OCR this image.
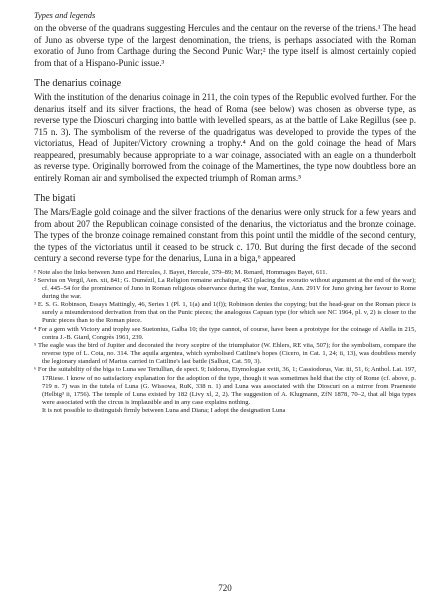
Types and legends

on the obverse of the quadrans suggesting Hercules and the centaur on the reverse of the triens.¹ The head of Juno as obverse type of the largest denomination, the triens, is perhaps associated with the Roman exoratio of Juno from Carthage during the Second Punic War;² the type itself is almost certainly copied from that of a Hispano-Punic issue.³

The denarius coinage

With the institution of the denarius coinage in 211, the coin types of the Republic evolved further. For the denarius itself and its silver fractions, the head of Roma (see below) was chosen as obverse type, as reverse type the Dioscuri charging into battle with levelled spears, as at the battle of Lake Regillus (see p. 715 n. 3). The symbolism of the reverse of the quadrigatus was developed to provide the types of the victoriatus, Head of Jupiter/Victory crowning a trophy.⁴ And on the gold coinage the head of Mars reappeared, presumably because appropriate to a war coinage, associated with an eagle on a thunderbolt as reverse type. Originally borrowed from the coinage of the Mamertines, the type now doubtless bore an entirely Roman air and symbolised the expected triumph of Roman arms.⁵

The bigati

The Mars/Eagle gold coinage and the silver fractions of the denarius were only struck for a few years and from about 207 the Republican coinage consisted of the denarius, the victoriatus and the bronze coinage. The types of the bronze coinage remained constant from this point until the middle of the second century, the types of the victoriatus until it ceased to be struck c. 170. But during the first decade of the second century a second reverse type for the denarius, Luna in a biga,⁶ appeared

¹ Note also the links between Juno and Hercules, J. Bayet, Hercule, 379–89; M. Renard, Hommages Bayet, 611.

² Servius on Vergil, Aen. xii, 841; G. Dumézil, La Religion romaine archaïque, 453 (placing the exoratio without argument at the end of the war); cf. 445–54 for the prominence of Juno in Roman religious observance during the war, Ennius, Ann. 291V for Juno giving her favour to Rome during the war.

³ E. S. G. Robinson, Essays Mattingly, 46, Series 1 (Pl. 1, 1(a) and 1(f)); Robinson denies the copying; but the head-gear on the Roman piece is surely a misunderstood derivation from that on the Punic pieces; the analogous Capuan type (for which see NC 1964, pl. v, 2) is closer to the Punic pieces than to the Roman piece.

⁴ For a gem with Victory and trophy see Suetonius, Galba 10; the type cannot, of course, have been a prototype for the coinage of Atella in 215, contra J.-B. Giard, Congrès 1961, 239.

⁵ The eagle was the bird of Jupiter and decorated the ivory sceptre of the triumphator (W. Ehlers, RE viia, 507); for the symbolism, compare the reverse type of L. Cota, no. 314. The aquila argentea, which symbolised Catiline's hopes (Cicero, in Cat. 1, 24; ii, 13), was doubtless merely the legionary standard of Marius carried in Catiline's last battle (Sallust, Cat. 59, 3).

⁶ For the suitability of the biga to Luna see Tertullian, de spect. 9; Isidorus, Etymologiae xviii, 36, 1; Cassiodorus, Var. iii, 51, 6; Anthol. Lat. 197, 17Riese. I know of no satisfactory explanation for the adoption of the type, though it was sometimes held that the city of Rome (cf. above, p. 719 n. 7) was in the tutela of Luna (G. Wissowa, RuK, 338 n. 1) and Luna was associated with the Dioscuri on a mirror from Praeneste (Helbig³ ii, 1756). The temple of Luna existed by 182 (Livy xl, 2, 2). The suggestion of A. Klugmann, ZfN 1878, 70–2, that all biga types were associated with the circus is implausible and in any case explains nothing.

It is not possible to distinguish firmly between Luna and Diana; I adopt the designation Luna

720
